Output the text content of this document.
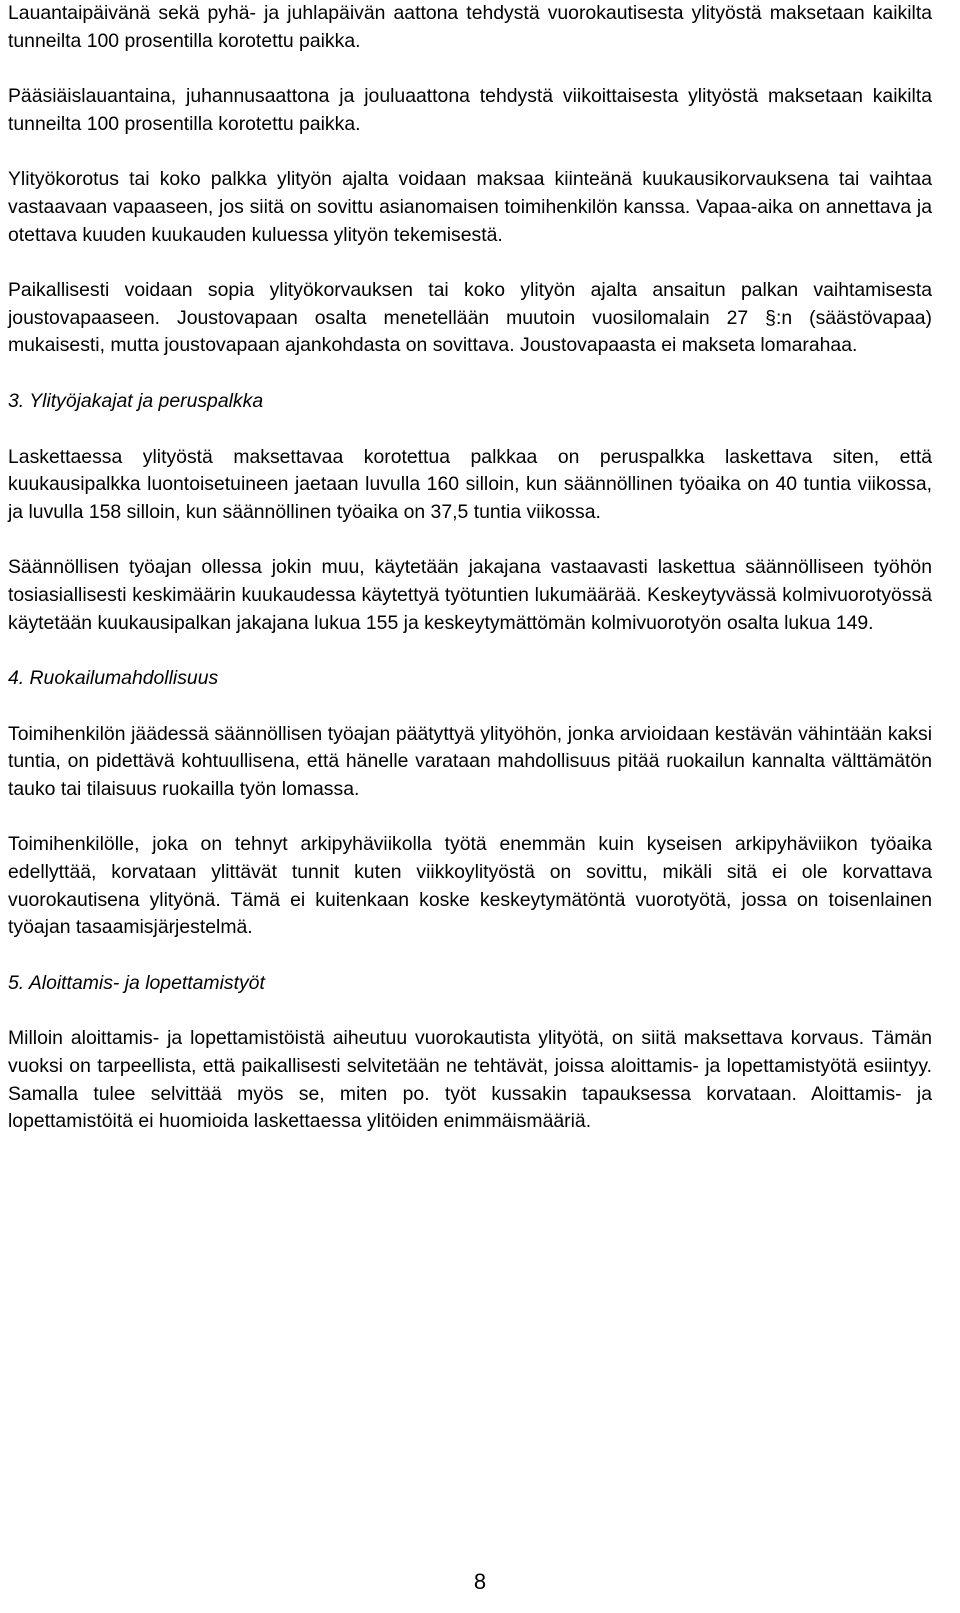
Lauantaipäivänä sekä pyhä- ja juhlapäivän aattona tehdystä vuorokautisesta ylityöstä maksetaan kaikilta tunneilta 100 prosentilla korotettu paikka.

Pääsiäislauantaina, juhannusaattona ja jouluaattona tehdystä viikoittaisesta ylityöstä maksetaan kaikilta tunneilta 100 prosentilla korotettu paikka.

Ylityökorotus tai koko palkka ylityön ajalta voidaan maksaa kiinteänä kuukausikorvauksena tai vaihtaa vastaavaan vapaaseen, jos siitä on sovittu asianomaisen toimihenkilön kanssa. Vapaa-aika on annettava ja otettava kuuden kuukauden kuluessa ylityön tekemisestä.

Paikallisesti voidaan sopia ylityökorvauksen tai koko ylityön ajalta ansaitun palkan vaihtamisesta joustovapaaseen. Joustovapaan osalta menetellään muutoin vuosilomalain 27 §:n (säästövapaa) mukaisesti, mutta joustovapaan ajankohdasta on sovittava. Joustovapaasta ei makseta lomarahaa.

3. Ylityöjakajat ja peruspalkka

Laskettaessa ylityöstä maksettavaa korotettua palkkaa on peruspalkka laskettava siten, että kuukausipalkka luontoisetuineen jaetaan luvulla 160 silloin, kun säännöllinen työaika on 40 tuntia viikossa, ja luvulla 158 silloin, kun säännöllinen työaika on 37,5 tuntia viikossa.

Säännöllisen työajan ollessa jokin muu, käytetään jakajana vastaavasti laskettua säännölliseen työhön tosiasiallisesti keskimäärin kuukaudessa käytettyä työtuntien lukumäärää. Keskeytyvässä kolmivuorotyössä käytetään kuukausipalkan jakajana lukua 155 ja keskeytymättömän kolmivuorotyön osalta lukua 149.

4. Ruokailumahdollisuus

Toimihenkilön jäädessä säännöllisen työajan päätyttyä ylityöhön, jonka arvioidaan kestävän vähintään kaksi tuntia, on pidettävä kohtuullisena, että hänelle varataan mahdollisuus pitää ruokailun kannalta välttämätön tauko tai tilaisuus ruokailla työn lomassa.

Toimihenkilölle, joka on tehnyt arkipyhäviikolla työtä enemmän kuin kyseisen arkipyhäviikon työaika edellyttää, korvataan ylittävät tunnit kuten viikkoylityöstä on sovittu, mikäli sitä ei ole korvattava vuorokautisena ylityönä. Tämä ei kuitenkaan koske keskeytymätöntä vuorotyötä, jossa on toisenlainen työajan tasaamisjärjestelmä.

5. Aloittamis- ja lopettamistyöt

Milloin aloittamis- ja lopettamistöistä aiheutuu vuorokautista ylityötä, on siitä maksettava korvaus. Tämän vuoksi on tarpeellista, että paikallisesti selvitetään ne tehtävät, joissa aloittamis- ja lopettamistyötä esiintyy. Samalla tulee selvittää myös se, miten po. työt kussakin tapauksessa korvataan. Aloittamis- ja lopettamistöitä ei huomioida laskettaessa ylitöiden enimmäismääriä.

8
